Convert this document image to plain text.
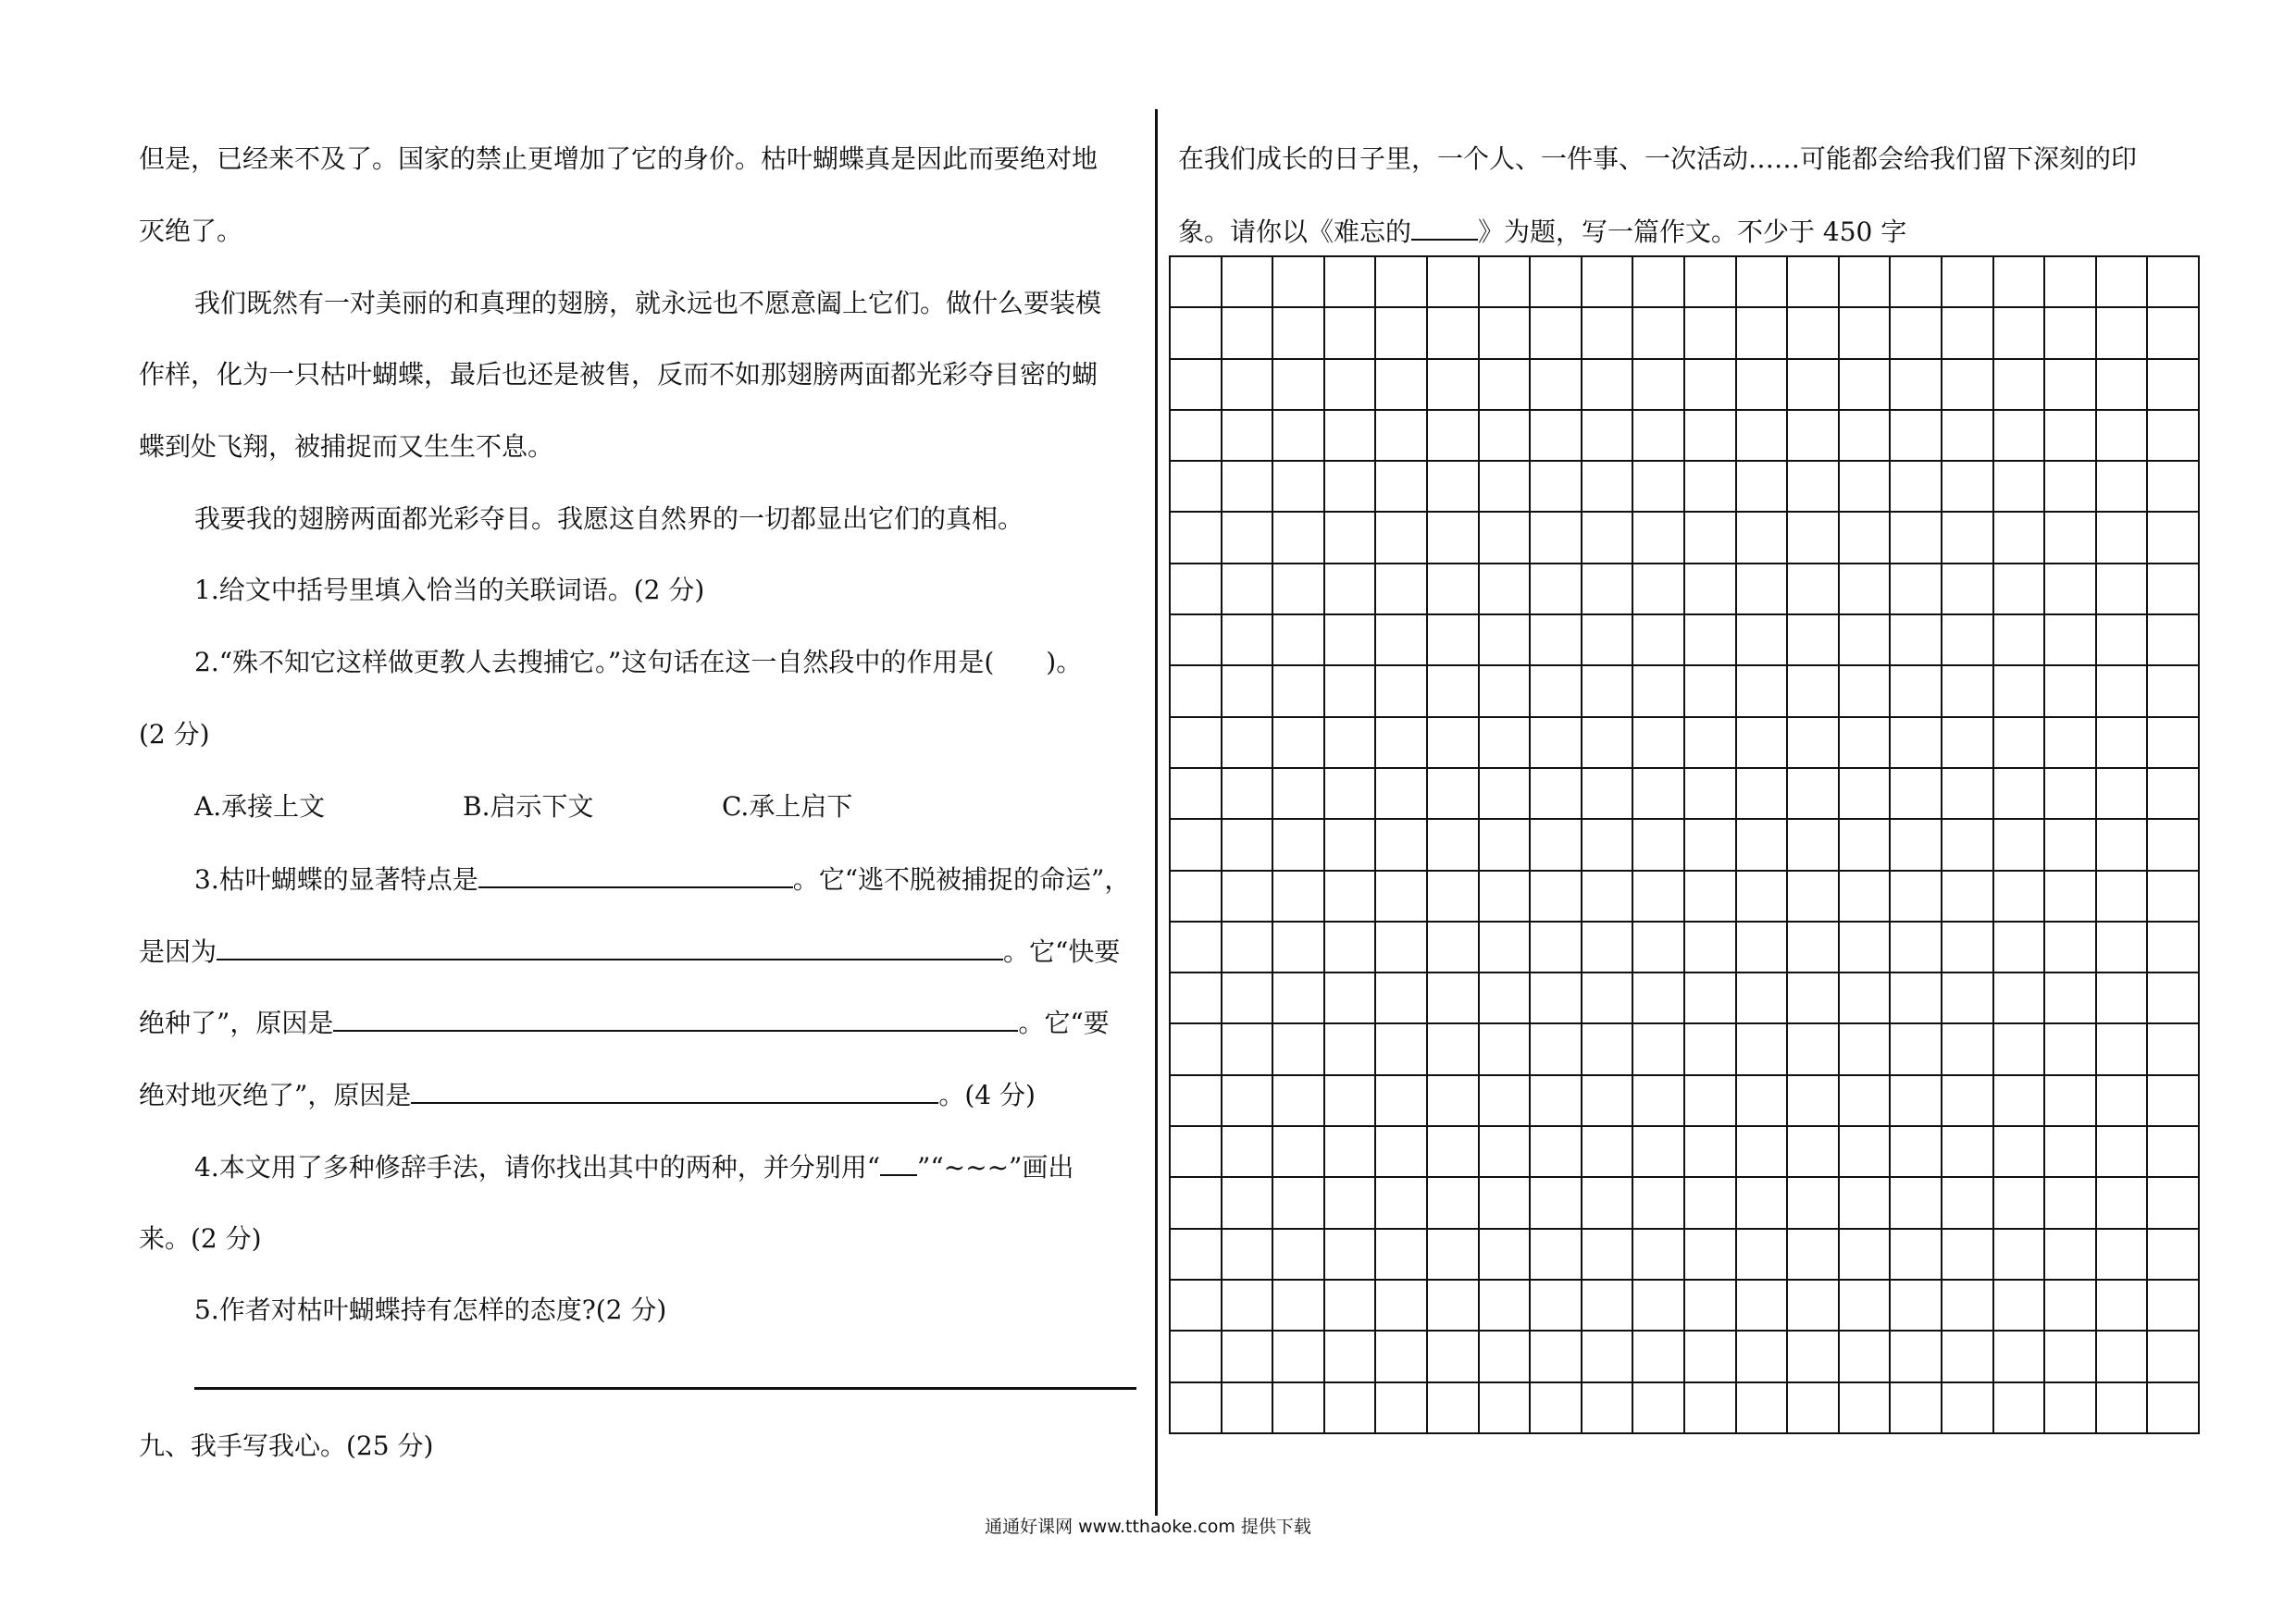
但是，已经来不及了。国家的禁止更增加了它的身价。枯叶蝴蝶真是因此而要绝对地
灭绝了。
我们既然有一对美丽的和真理的翅膀，就永远也不愿意阖上它们。做什么要装模
作样，化为一只枯叶蝴蝶，最后也还是被售，反而不如那翅膀两面都光彩夺目密的蝴
蝶到处飞翔，被捕捉而又生生不息。
我要我的翅膀两面都光彩夺目。我愿这自然界的一切都显出它们的真相。
1.给文中括号里填入恰当的关联词语。(2 分)
2.“殊不知它这样做更教人去搜捕它。”这句话在这一自然段中的作用是(　　)。
(2 分)
A.承接上文	B.启示下文	C.承上启下
3.枯叶蝴蝶的显著特点是	。它“逃不脱被捕捉的命运”，
是因为	。它“快要
绝种了”，原因是	。它“要
绝对地灭绝了”，原因是	。(4 分)
4.本文用了多种修辞手法，请你找出其中的两种，并分别用“ ”“~~~”画出
来。(2 分)
5.作者对枯叶蝴蝶持有怎样的态度?(2 分)
九、我手写我心。(25 分)
在我们成长的日子里，一个人、一件事、一次活动……可能都会给我们留下深刻的印
象。请你以《难忘的	》为题，写一篇作文。不少于 450 字

通通好课网 www.tthaoke.com 提供下载
